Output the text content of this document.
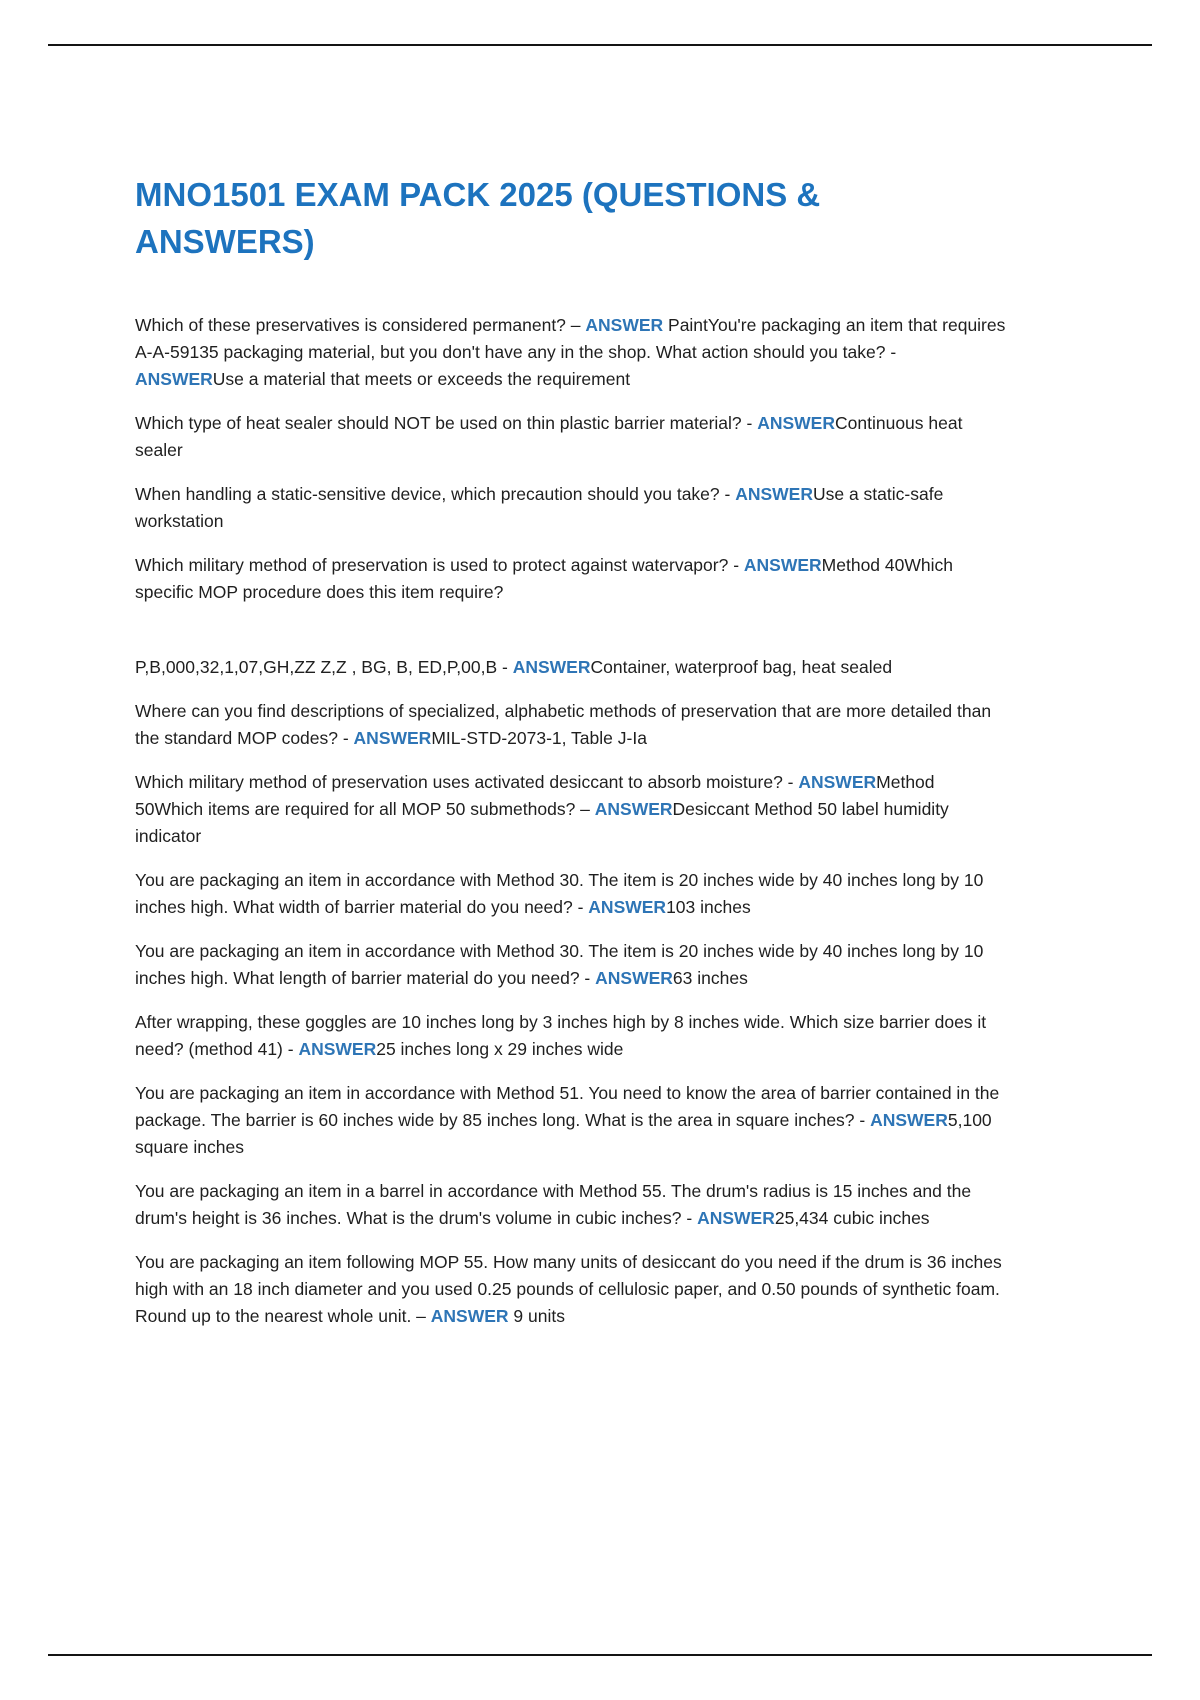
MNO1501 EXAM PACK 2025 (QUESTIONS & ANSWERS)

Which of these preservatives is considered permanent? – ANSWER PaintYou're packaging an item that requires A-A-59135 packaging material, but you don't have any in the shop. What action should you take? - ANSWERUse a material that meets or exceeds the requirement

Which type of heat sealer should NOT be used on thin plastic barrier material? - ANSWERContinuous heat sealer

When handling a static-sensitive device, which precaution should you take? - ANSWERUse a static-safe workstation

Which military method of preservation is used to protect against watervapor? - ANSWERMethod 40Which specific MOP procedure does this item require?

P,B,000,32,1,07,GH,ZZ Z,Z , BG, B, ED,P,00,B - ANSWERContainer, waterproof bag, heat sealed

Where can you find descriptions of specialized, alphabetic methods of preservation that are more detailed than the standard MOP codes? - ANSWERMIL-STD-2073-1, Table J-Ia

Which military method of preservation uses activated desiccant to absorb moisture? - ANSWERMethod 50Which items are required for all MOP 50 submethods? – ANSWERDesiccant Method 50 label humidity indicator

You are packaging an item in accordance with Method 30. The item is 20 inches wide by 40 inches long by 10 inches high. What width of barrier material do you need? - ANSWER103 inches

You are packaging an item in accordance with Method 30. The item is 20 inches wide by 40 inches long by 10 inches high. What length of barrier material do you need? - ANSWER63 inches

After wrapping, these goggles are 10 inches long by 3 inches high by 8 inches wide. Which size barrier does it need? (method 41) - ANSWER25 inches long x 29 inches wide

You are packaging an item in accordance with Method 51. You need to know the area of barrier contained in the package. The barrier is 60 inches wide by 85 inches long. What is the area in square inches? - ANSWER5,100 square inches

You are packaging an item in a barrel in accordance with Method 55. The drum's radius is 15 inches and the drum's height is 36 inches. What is the drum's volume in cubic inches? - ANSWER25,434 cubic inches

You are packaging an item following MOP 55. How many units of desiccant do you need if the drum is 36 inches high with an 18 inch diameter and you used 0.25 pounds of cellulosic paper, and 0.50 pounds of synthetic foam. Round up to the nearest whole unit. – ANSWER 9 units
